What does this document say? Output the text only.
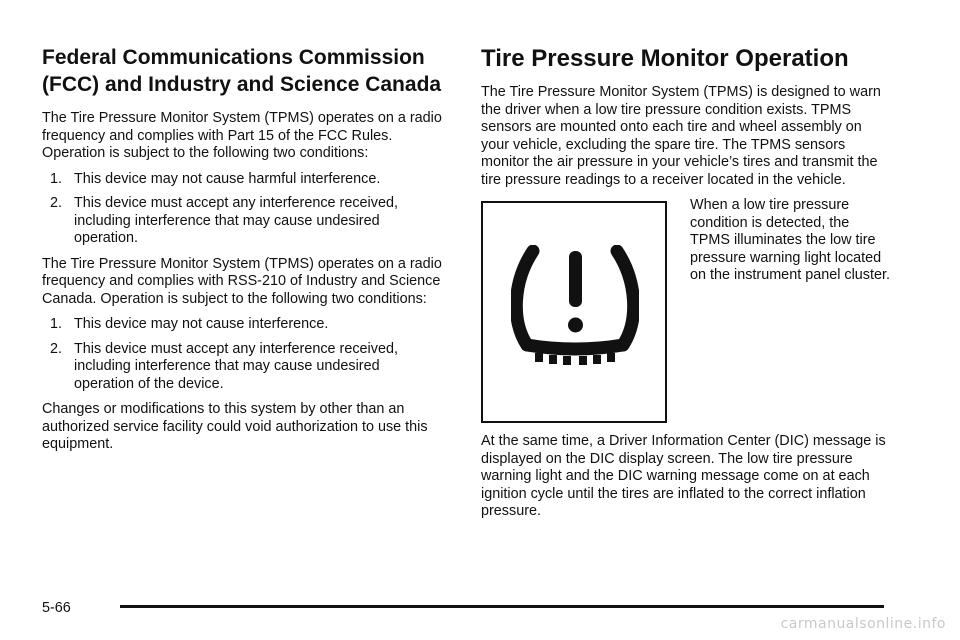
Federal Communications Commission (FCC) and Industry and Science Canada

The Tire Pressure Monitor System (TPMS) operates on a radio frequency and complies with Part 15 of the FCC Rules. Operation is subject to the following two conditions:

1. This device may not cause harmful interference.
2. This device must accept any interference received, including interference that may cause undesired operation.

The Tire Pressure Monitor System (TPMS) operates on a radio frequency and complies with RSS-210 of Industry and Science Canada. Operation is subject to the following two conditions:

1. This device may not cause interference.
2. This device must accept any interference received, including interference that may cause undesired operation of the device.

Changes or modifications to this system by other than an authorized service facility could void authorization to use this equipment.

Tire Pressure Monitor Operation

The Tire Pressure Monitor System (TPMS) is designed to warn the driver when a low tire pressure condition exists. TPMS sensors are mounted onto each tire and wheel assembly on your vehicle, excluding the spare tire. The TPMS sensors monitor the air pressure in your vehicle’s tires and transmit the tire pressure readings to a receiver located in the vehicle.

When a low tire pressure condition is detected, the TPMS illuminates the low tire pressure warning light located on the instrument panel cluster.

At the same time, a Driver Information Center (DIC) message is displayed on the DIC display screen. The low tire pressure warning light and the DIC warning message come on at each ignition cycle until the tires are inflated to the correct inflation pressure.

5-66
carmanualsonline.info
